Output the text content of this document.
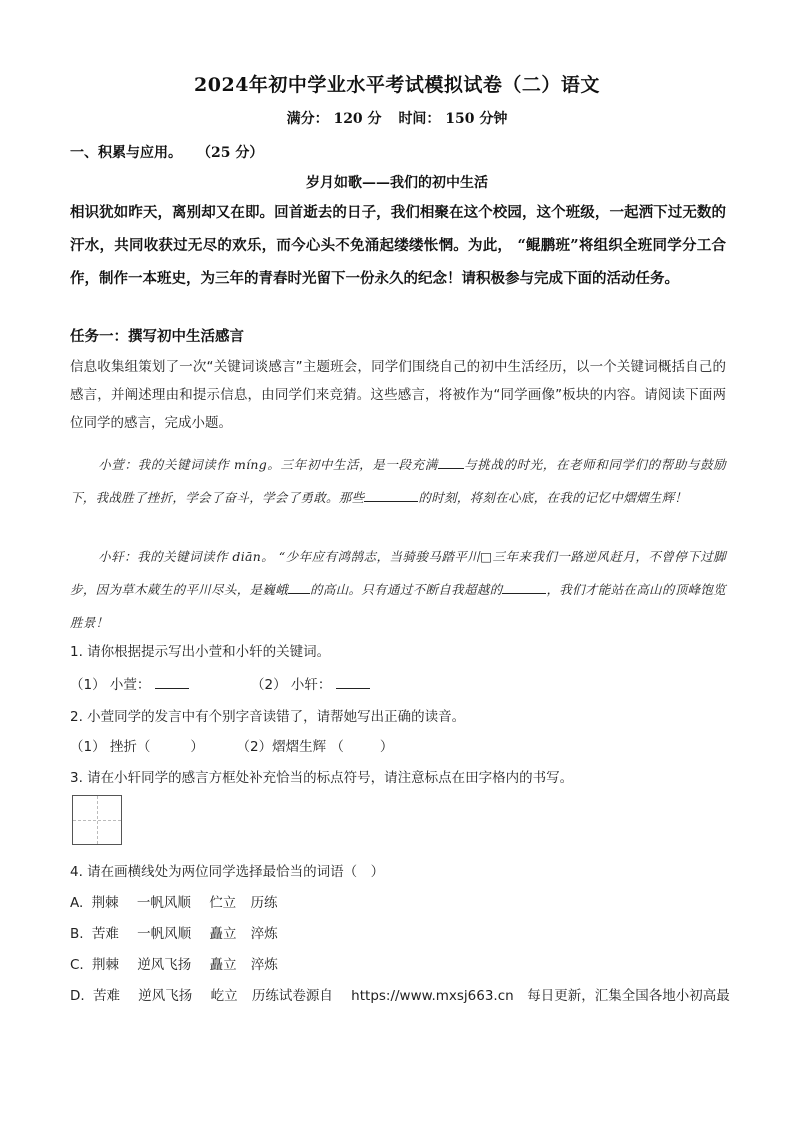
2024年初中学业水平考试模拟试卷（二）语文
满分： 120 分 时间： 150 分钟
一、积累与应用。 （25 分）
岁月如歌——我们的初中生活
相识犹如昨天，离别却又在即。回首逝去的日子，我们相聚在这个校园，这个班级，一起洒下过无数的汗水，共同收获过无尽的欢乐，而今心头不免涌起缕缕怅惘。为此， “鲲鹏班”将组织全班同学分工合作，制作一本班史，为三年的青春时光留下一份永久的纪念！请积极参与完成下面的活动任务。
任务一：撰写初中生活感言
信息收集组策划了一次“关键词谈感言”主题班会，同学们围绕自己的初中生活经历，以一个关键词概括自己的感言，并阐述理由和提示信息，由同学们来竞猜。这些感言，将被作为“同学画像”板块的内容。请阅读下面两位同学的感言，完成小题。
小萱：我的关键词读作 míng。三年初中生活，是一段充满 与挑战的时光，在老师和同学们的帮助与鼓励下，我战胜了挫折，学会了奋斗，学会了勇敢。那些	的时刻，将刻在心底，在我的记忆中熠熠生辉！
小轩：我的关键词读作 diān。 “少年应有鸿鹄志，当骑骏马踏平川□三年来我们一路逆风赶月，不曾停下过脚步，因为草木葳生的平川尽头，是巍峨 的高山。只有通过不断自我超越的	，我们才能站在高山的顶峰饱览胜景！
1. 请你根据提示写出小萱和小轩的关键词。
（1） 小萱：	（2） 小轩：
2. 小萱同学的发言中有个别字音读错了，请帮她写出正确的读音。
（1） 挫折（	） （2）熠熠生辉 （	）
3. 请在小轩同学的感言方框处补充恰当的标点符号，请注意标点在田字格内的书写。
4. 请在画横线处为两位同学选择最恰当的词语（　）
A. 荆棘 一帆风顺 伫立 历练
B. 苦难 一帆风顺 矗立 淬炼
C. 荆棘 逆风飞扬 矗立 淬炼
D. 苦难 逆风飞扬 屹立 历练试卷源自 https://www.mxsj663.cn　每日更新，汇集全国各地小初高最
